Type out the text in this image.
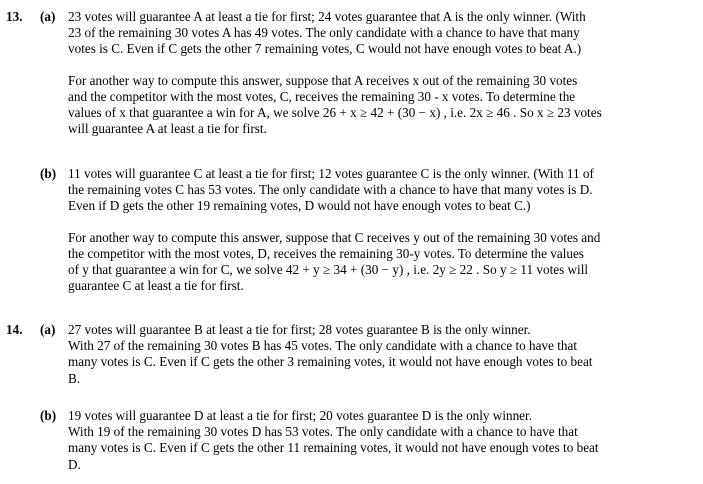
13. (a) 23 votes will guarantee A at least a tie for first; 24 votes guarantee that A is the only winner. (With
23 of the remaining 30 votes A has 49 votes. The only candidate with a chance to have that many
votes is C. Even if C gets the other 7 remaining votes, C would not have enough votes to beat A.)

For another way to compute this answer, suppose that A receives x out of the remaining 30 votes
and the competitor with the most votes, C, receives the remaining 30 - x votes. To determine the
values of x that guarantee a win for A, we solve 26 + x ≥ 42 + (30 − x) , i.e. 2x ≥ 46 . So x ≥ 23 votes
will guarantee A at least a tie for first.

(b) 11 votes will guarantee C at least a tie for first; 12 votes guarantee C is the only winner. (With 11 of
the remaining votes C has 53 votes. The only candidate with a chance to have that many votes is D.
Even if D gets the other 19 remaining votes, D would not have enough votes to beat C.)

For another way to compute this answer, suppose that C receives y out of the remaining 30 votes and
the competitor with the most votes, D, receives the remaining 30-y votes. To determine the values
of y that guarantee a win for C, we solve 42 + y ≥ 34 + (30 − y) , i.e. 2y ≥ 22 . So y ≥ 11 votes will
guarantee C at least a tie for first.

14. (a) 27 votes will guarantee B at least a tie for first; 28 votes guarantee B is the only winner.
With 27 of the remaining 30 votes B has 45 votes. The only candidate with a chance to have that
many votes is C. Even if C gets the other 3 remaining votes, it would not have enough votes to beat
B.

(b) 19 votes will guarantee D at least a tie for first; 20 votes guarantee D is the only winner.
With 19 of the remaining 30 votes D has 53 votes. The only candidate with a chance to have that
many votes is C. Even if C gets the other 11 remaining votes, it would not have enough votes to beat
D.
